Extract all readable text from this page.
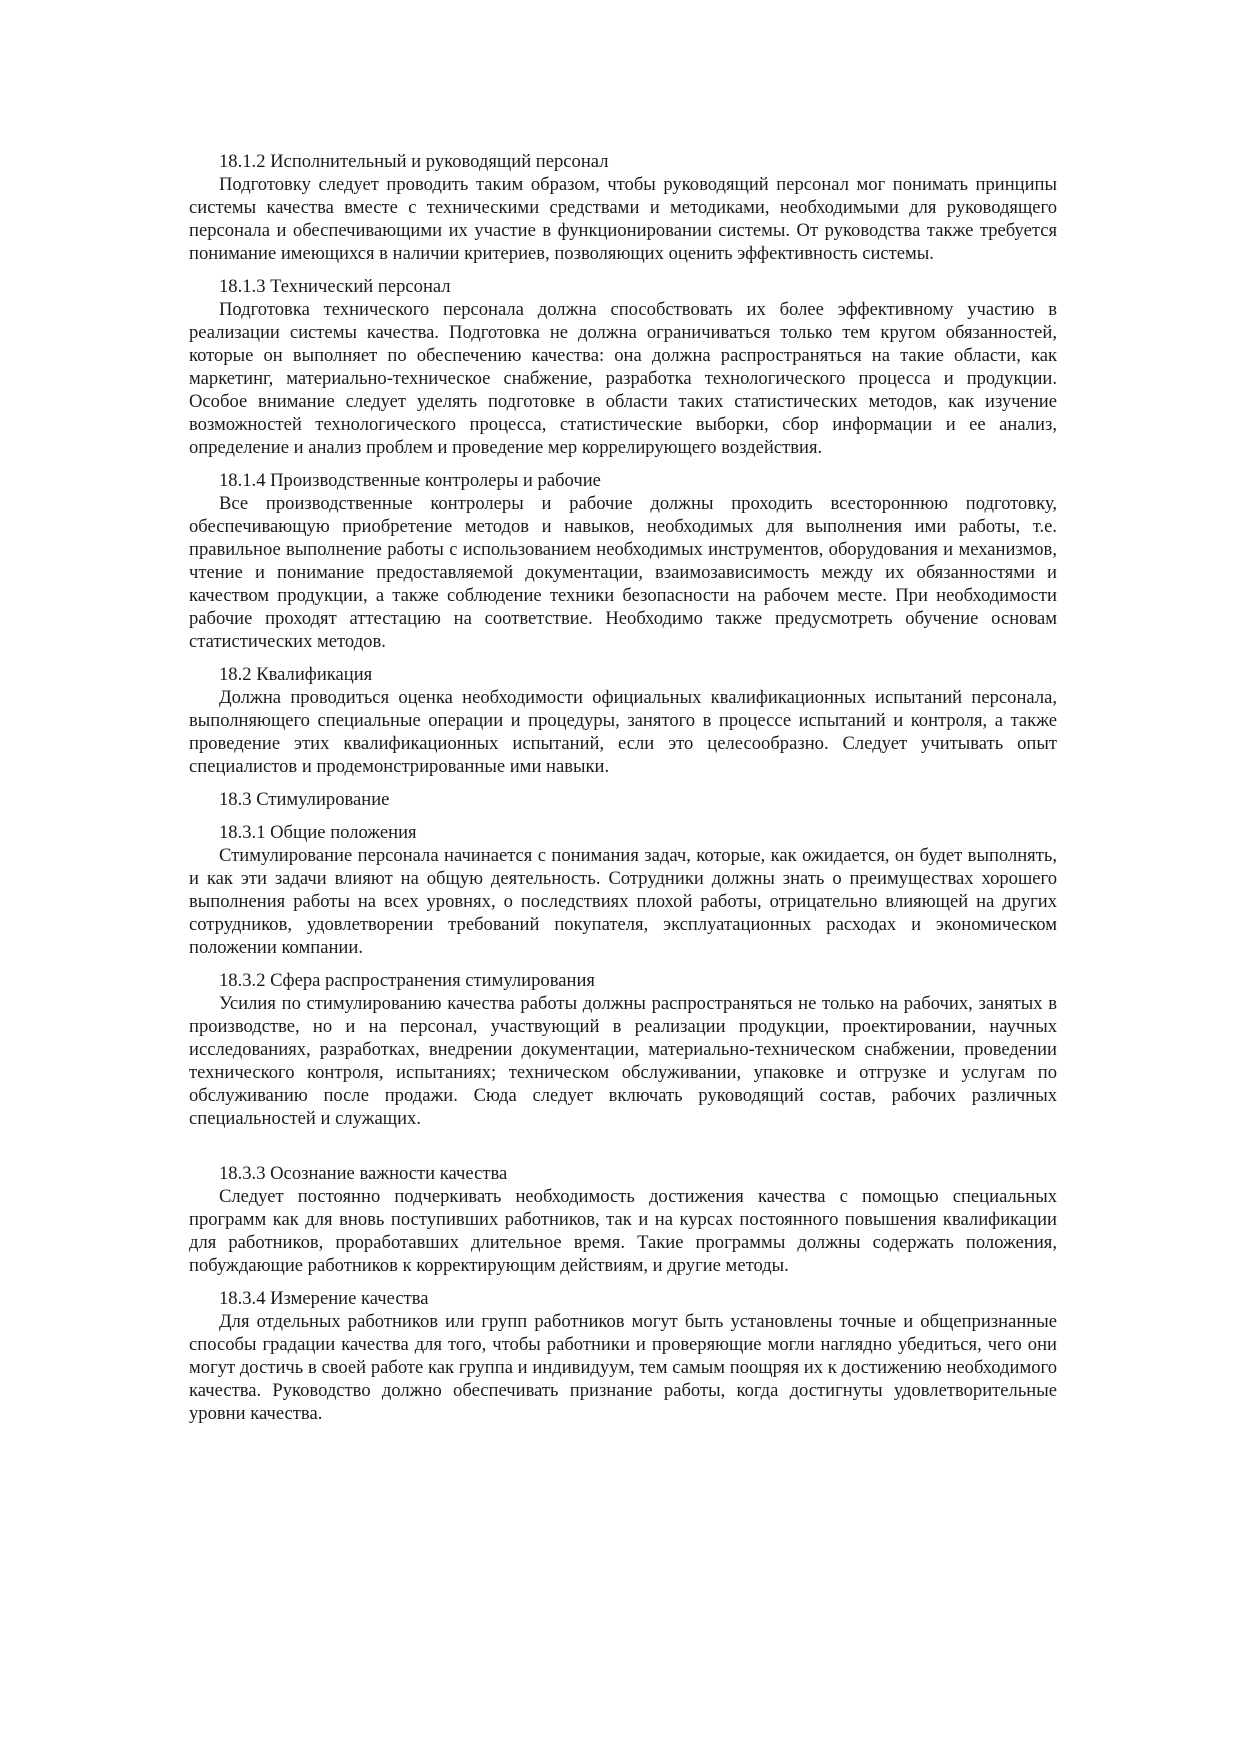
18.1.2 Исполнительный и руководящий персонал

Подготовку следует проводить таким образом, чтобы руководящий персонал мог понимать принципы системы качества вместе с техническими средствами и методиками, необходимыми для руководящего персонала и обеспечивающими их участие в функционировании системы. От руководства также требуется понимание имеющихся в наличии критериев, позволяющих оценить эффективность системы.

18.1.3 Технический персонал

Подготовка технического персонала должна способствовать их более эффективному участию в реализации системы качества. Подготовка не должна ограничиваться только тем кругом обязанностей, которые он выполняет по обеспечению качества: она должна распространяться на такие области, как маркетинг, материально-техническое снабжение, разработка технологического процесса и продукции. Особое внимание следует уделять подготовке в области таких статистических методов, как изучение возможностей технологического процесса, статистические выборки, сбор информации и ее анализ, определение и анализ проблем и проведение мер коррелирующего воздействия.

18.1.4 Производственные контролеры и рабочие

Все производственные контролеры и рабочие должны проходить всестороннюю подготовку, обеспечивающую приобретение методов и навыков, необходимых для выполнения ими работы, т.е. правильное выполнение работы с использованием необходимых инструментов, оборудования и механизмов, чтение и понимание предоставляемой документации, взаимозависимость между их обязанностями и качеством продукции, а также соблюдение техники безопасности на рабочем месте. При необходимости рабочие проходят аттестацию на соответствие. Необходимо также предусмотреть обучение основам статистических методов.

18.2 Квалификация

Должна проводиться оценка необходимости официальных квалификационных испытаний персонала, выполняющего специальные операции и процедуры, занятого в процессе испытаний и контроля, а также проведение этих квалификационных испытаний, если это целесообразно. Следует учитывать опыт специалистов и продемонстрированные ими навыки.

18.3 Стимулирование

18.3.1 Общие положения

Стимулирование персонала начинается с понимания задач, которые, как ожидается, он будет выполнять, и как эти задачи влияют на общую деятельность. Сотрудники должны знать о преимуществах хорошего выполнения работы на всех уровнях, о последствиях плохой работы, отрицательно влияющей на других сотрудников, удовлетворении требований покупателя, эксплуатационных расходах и экономическом положении компании.

18.3.2 Сфера распространения стимулирования

Усилия по стимулированию качества работы должны распространяться не только на рабочих, занятых в производстве, но и на персонал, участвующий в реализации продукции, проектировании, научных исследованиях, разработках, внедрении документации, материально-техническом снабжении, проведении технического контроля, испытаниях; техническом обслуживании, упаковке и отгрузке и услугам по обслуживанию после продажи. Сюда следует включать руководящий состав, рабочих различных специальностей и служащих.

18.3.3 Осознание важности качества

Следует постоянно подчеркивать необходимость достижения качества с помощью специальных программ как для вновь поступивших работников, так и на курсах постоянного повышения квалификации для работников, проработавших длительное время. Такие программы должны содержать положения, побуждающие работников к корректирующим действиям, и другие методы.

18.3.4 Измерение качества

Для отдельных работников или групп работников могут быть установлены точные и общепризнанные способы градации качества для того, чтобы работники и проверяющие могли наглядно убедиться, чего они могут достичь в своей работе как группа и индивидуум, тем самым поощряя их к достижению необходимого качества. Руководство должно обеспечивать признание работы, когда достигнуты удовлетворительные уровни качества.
